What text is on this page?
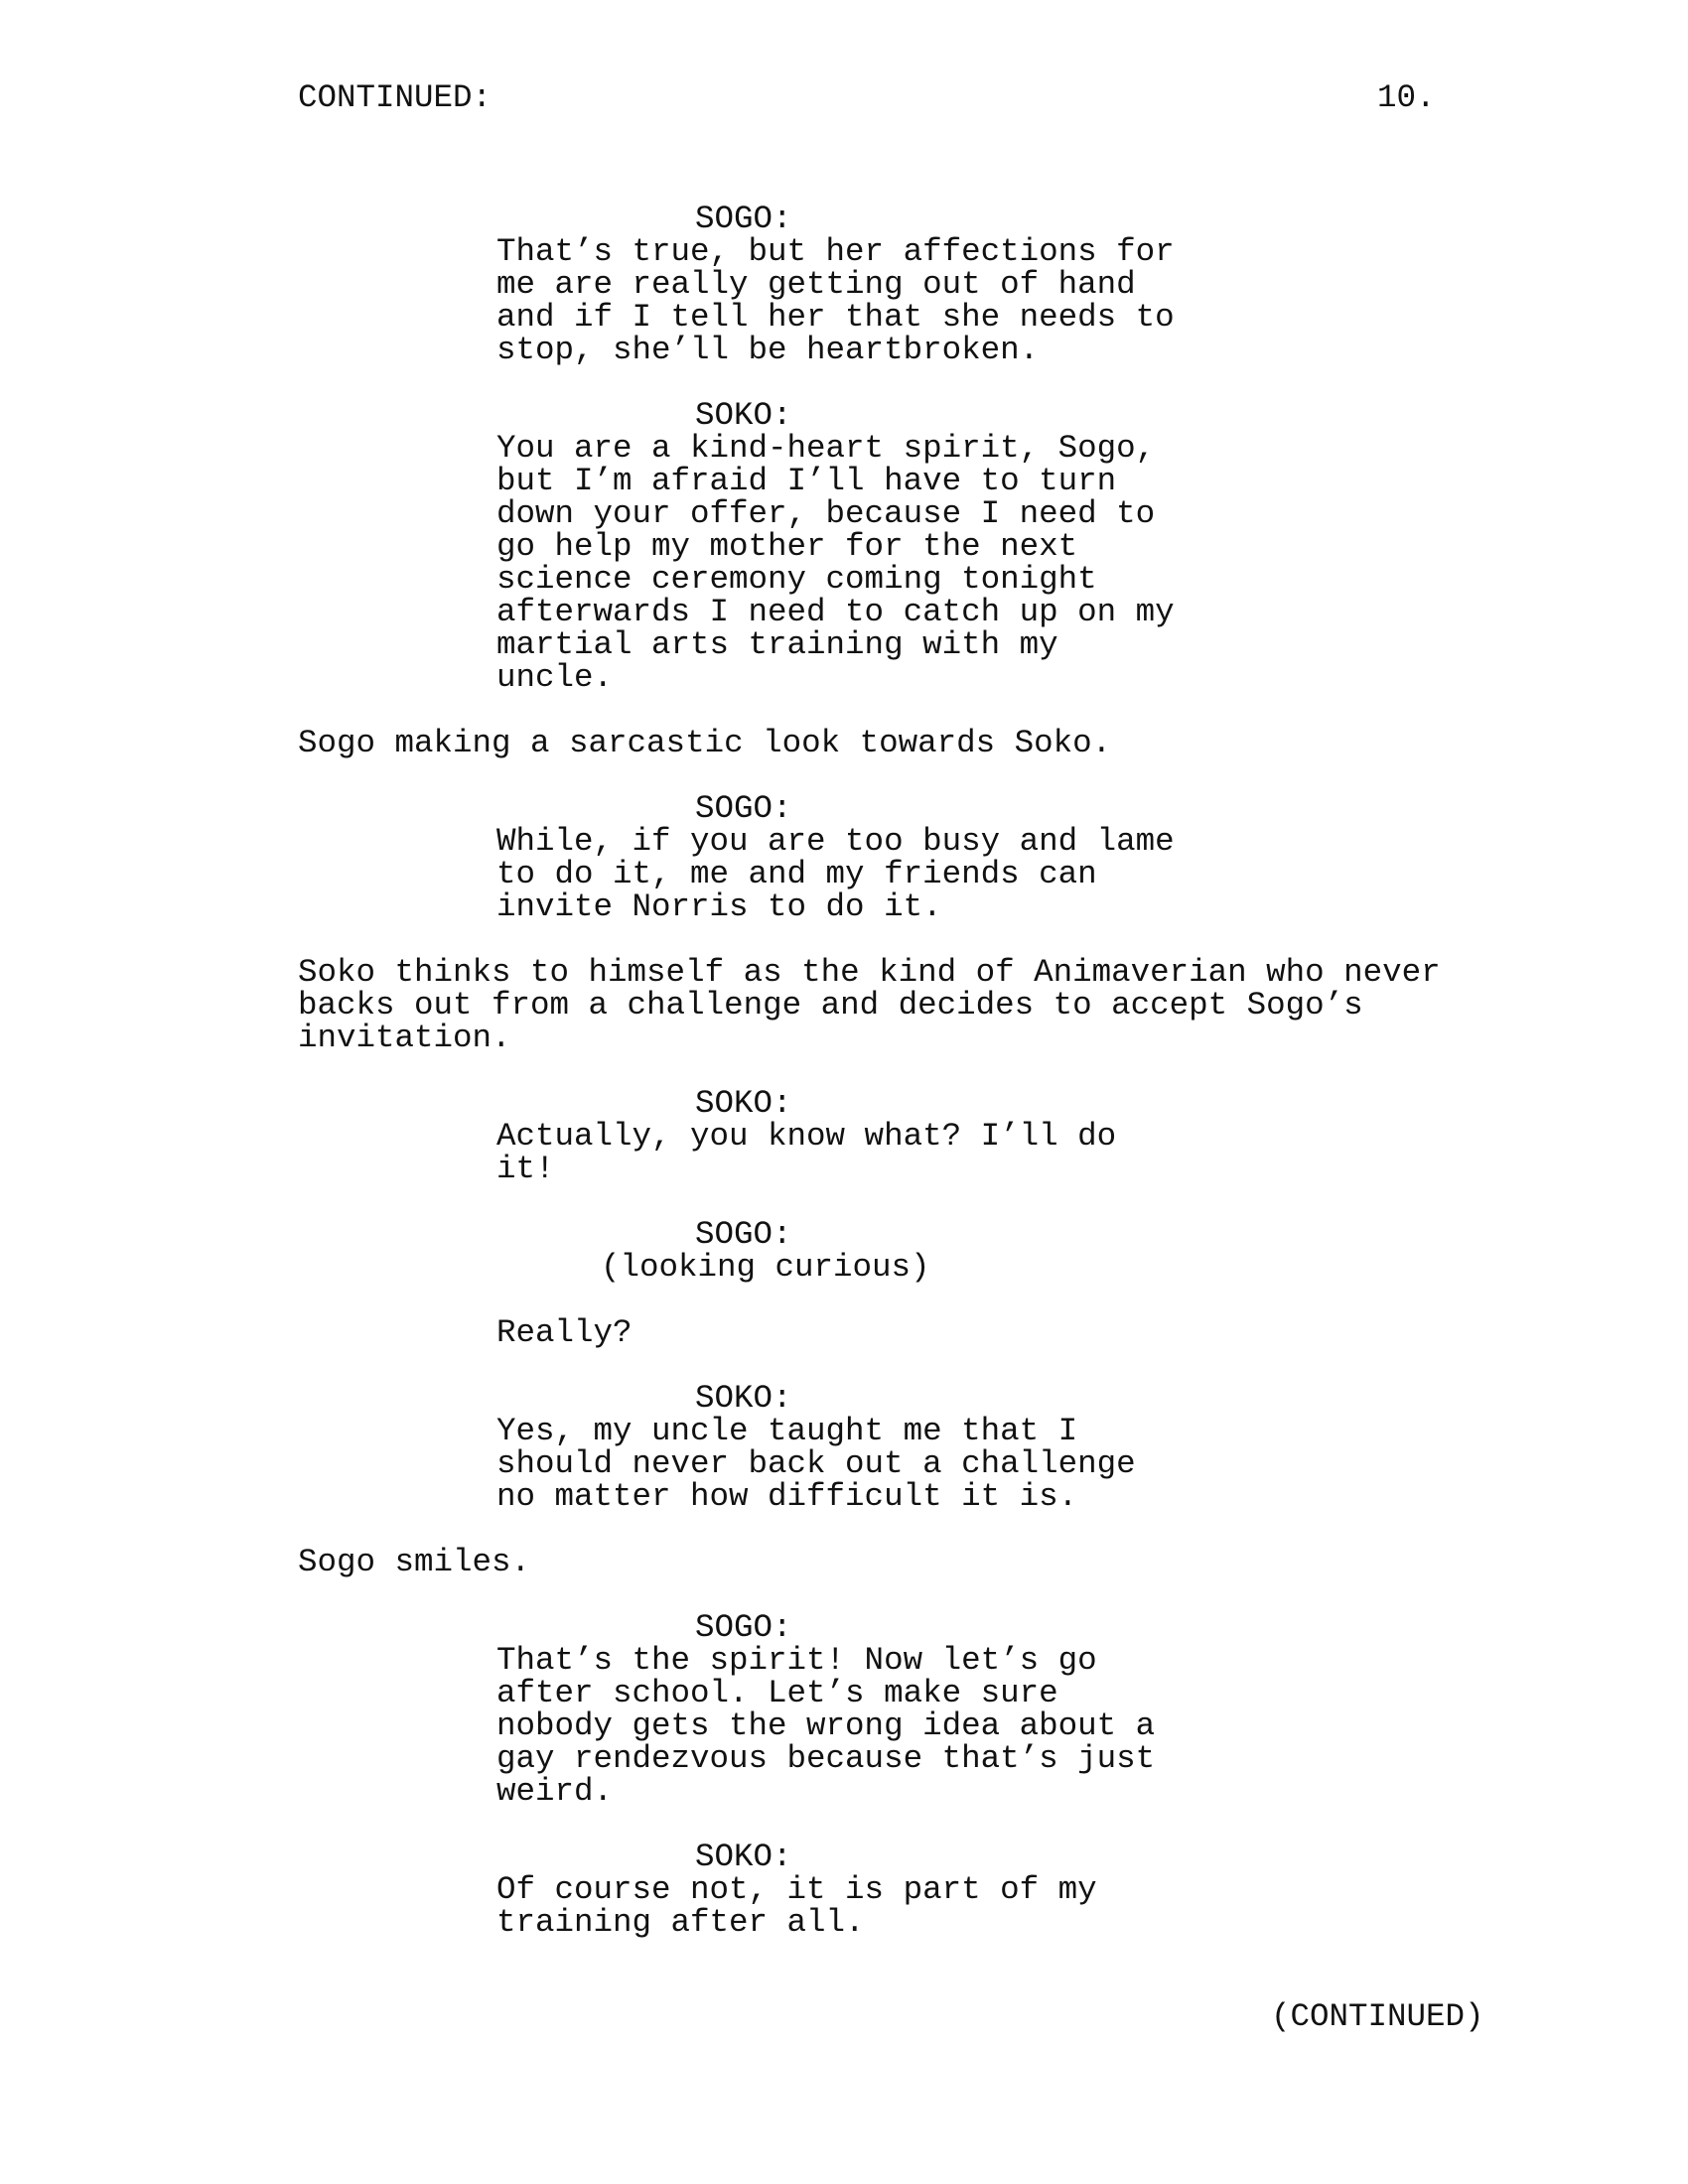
CONTINUED:	10.
SOGO:
That’s true, but her affections for
me are really getting out of hand
and if I tell her that she needs to
stop, she’ll be heartbroken.
SOKO:
You are a kind-heart spirit, Sogo,
but I’m afraid I’ll have to turn
down your offer, because I need to
go help my mother for the next
science ceremony coming tonight
afterwards I need to catch up on my
martial arts training with my
uncle.
Sogo making a sarcastic look towards Soko.
SOGO:
While, if you are too busy and lame
to do it, me and my friends can
invite Norris to do it.
Soko thinks to himself as the kind of Animaverian who never
backs out from a challenge and decides to accept Sogo’s
invitation.
SOKO:
Actually, you know what? I’ll do
it!
SOGO:
(looking curious)
Really?
SOKO:
Yes, my uncle taught me that I
should never back out a challenge
no matter how difficult it is.
Sogo smiles.
SOGO:
That’s the spirit! Now let’s go
after school. Let’s make sure
nobody gets the wrong idea about a
gay rendezvous because that’s just
weird.
SOKO:
Of course not, it is part of my
training after all.
(CONTINUED)
